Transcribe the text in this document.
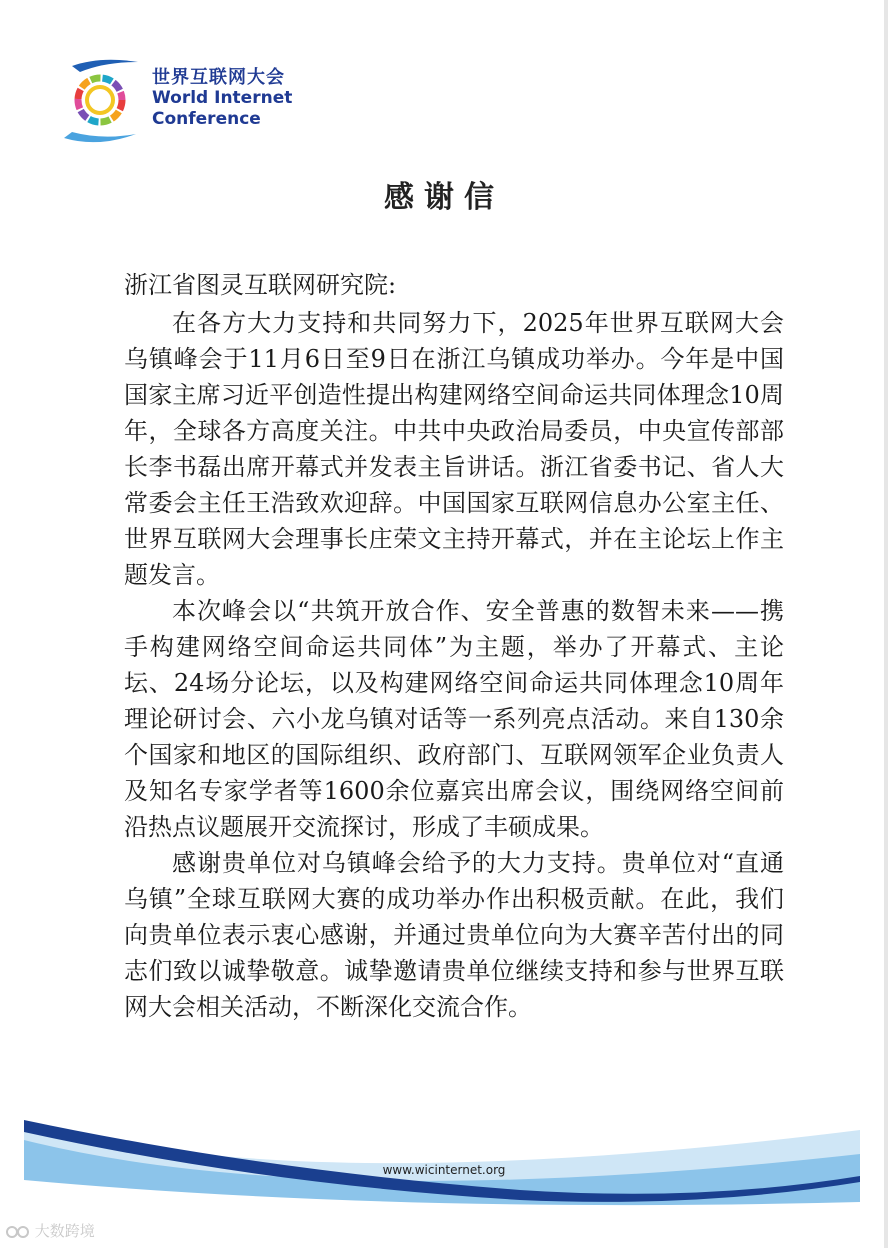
世界互联网大会
World Internet
Conference
感谢信

浙江省图灵互联网研究院:

在各方大力支持和共同努力下，2025年世界互联网大会乌镇峰会于11月6日至9日在浙江乌镇成功举办。今年是中国国家主席习近平创造性提出构建网络空间命运共同体理念10周年，全球各方高度关注。中共中央政治局委员，中央宣传部部长李书磊出席开幕式并发表主旨讲话。浙江省委书记、省人大常委会主任王浩致欢迎辞。中国国家互联网信息办公室主任、世界互联网大会理事长庄荣文主持开幕式，并在主论坛上作主题发言。

本次峰会以“共筑开放合作、安全普惠的数智未来——携手构建网络空间命运共同体”为主题，举办了开幕式、主论坛、24场分论坛，以及构建网络空间命运共同体理念10周年理论研讨会、六小龙乌镇对话等一系列亮点活动。来自130余个国家和地区的国际组织、政府部门、互联网领军企业负责人及知名专家学者等1600余位嘉宾出席会议，围绕网络空间前沿热点议题展开交流探讨，形成了丰硕成果。

感谢贵单位对乌镇峰会给予的大力支持。贵单位对“直通乌镇”全球互联网大赛的成功举办作出积极贡献。在此，我们向贵单位表示衷心感谢，并通过贵单位向为大赛辛苦付出的同志们致以诚挚敬意。诚挚邀请贵单位继续支持和参与世界互联网大会相关活动，不断深化交流合作。

www.wicinternet.org
大数跨境
